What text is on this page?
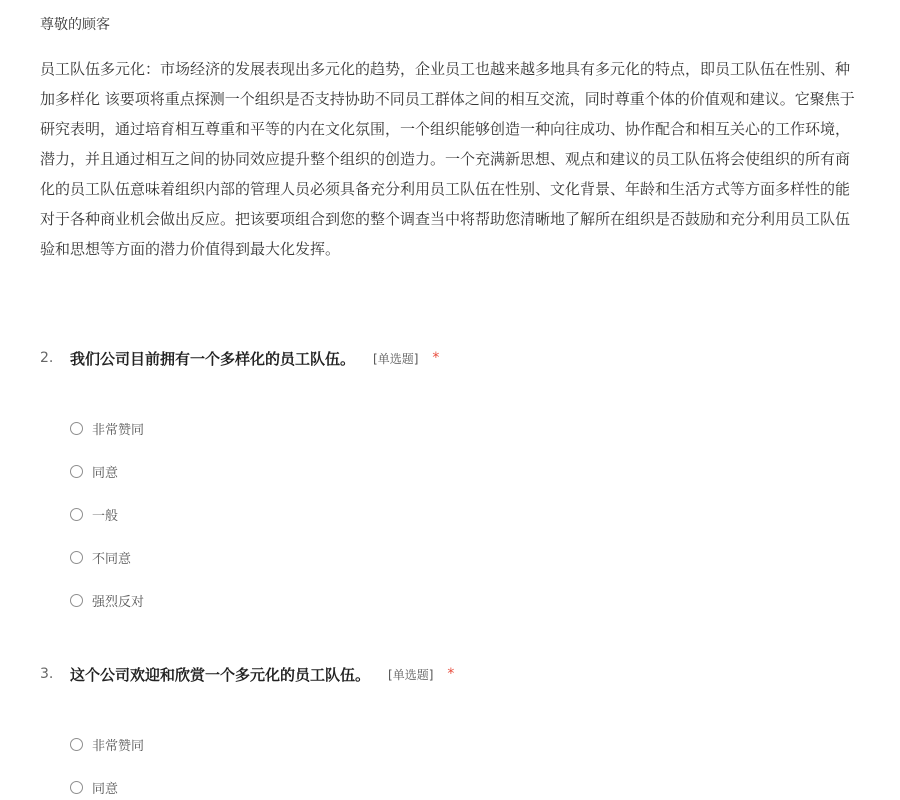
尊敬的顾客
员工队伍多元化：市场经济的发展表现出多元化的趋势，企业员工也越来越多地具有多元化的特点，即员工队伍在性别、种
加多样化 该要项将重点探测一个组织是否支持协助不同员工群体之间的相互交流，同时尊重个体的价值观和建议。它聚焦于
研究表明，通过培育相互尊重和平等的内在文化氛围，一个组织能够创造一种向往成功、协作配合和相互关心的工作环境，
潜力，并且通过相互之间的协同效应提升整个组织的创造力。一个充满新思想、观点和建议的员工队伍将会使组织的所有商
化的员工队伍意味着组织内部的管理人员必须具备充分利用员工队伍在性别、文化背景、年龄和生活方式等方面多样性的能
对于各种商业机会做出反应。把该要项组合到您的整个调查当中将帮助您清晰地了解所在组织是否鼓励和充分利用员工队伍
验和思想等方面的潜力价值得到最大化发挥。
2.	我们公司目前拥有一个多样化的员工队伍。 [单选题] *
非常赞同
同意
一般
不同意
强烈反对
3.	这个公司欢迎和欣赏一个多元化的员工队伍。 [单选题] *
非常赞同
同意
